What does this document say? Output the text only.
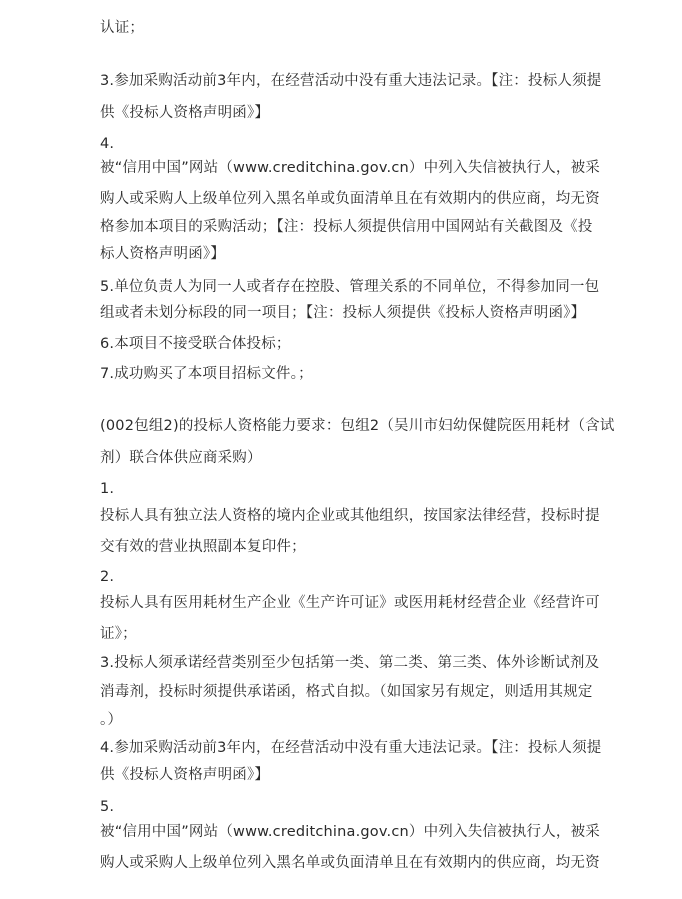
认证；
3.参加采购活动前3年内，在经营活动中没有重大违法记录。【注：投标人须提
供《投标人资格声明函》】
4.
被“信用中国”网站（www.creditchina.gov.cn）中列入失信被执行人，被采
购人或采购人上级单位列入黑名单或负面清单且在有效期内的供应商，均无资
格参加本项目的采购活动；【注：投标人须提供信用中国网站有关截图及《投
标人资格声明函》】
5.单位负责人为同一人或者存在控股、管理关系的不同单位，不得参加同一包
组或者未划分标段的同一项目；【注：投标人须提供《投标人资格声明函》】
6.本项目不接受联合体投标；
7.成功购买了本项目招标文件。；
(002包组2)的投标人资格能力要求：包组2（吴川市妇幼保健院医用耗材（含试
剂）联合体供应商采购）
1.
投标人具有独立法人资格的境内企业或其他组织，按国家法律经营，投标时提
交有效的营业执照副本复印件；
2.
投标人具有医用耗材生产企业《生产许可证》或医用耗材经营企业《经营许可
证》；
3.投标人须承诺经营类别至少包括第一类、第二类、第三类、体外诊断试剂及
消毒剂，投标时须提供承诺函，格式自拟。（如国家另有规定，则适用其规定
。）
4.参加采购活动前3年内，在经营活动中没有重大违法记录。【注：投标人须提
供《投标人资格声明函》】
5.
被“信用中国”网站（www.creditchina.gov.cn）中列入失信被执行人，被采
购人或采购人上级单位列入黑名单或负面清单且在有效期内的供应商，均无资
